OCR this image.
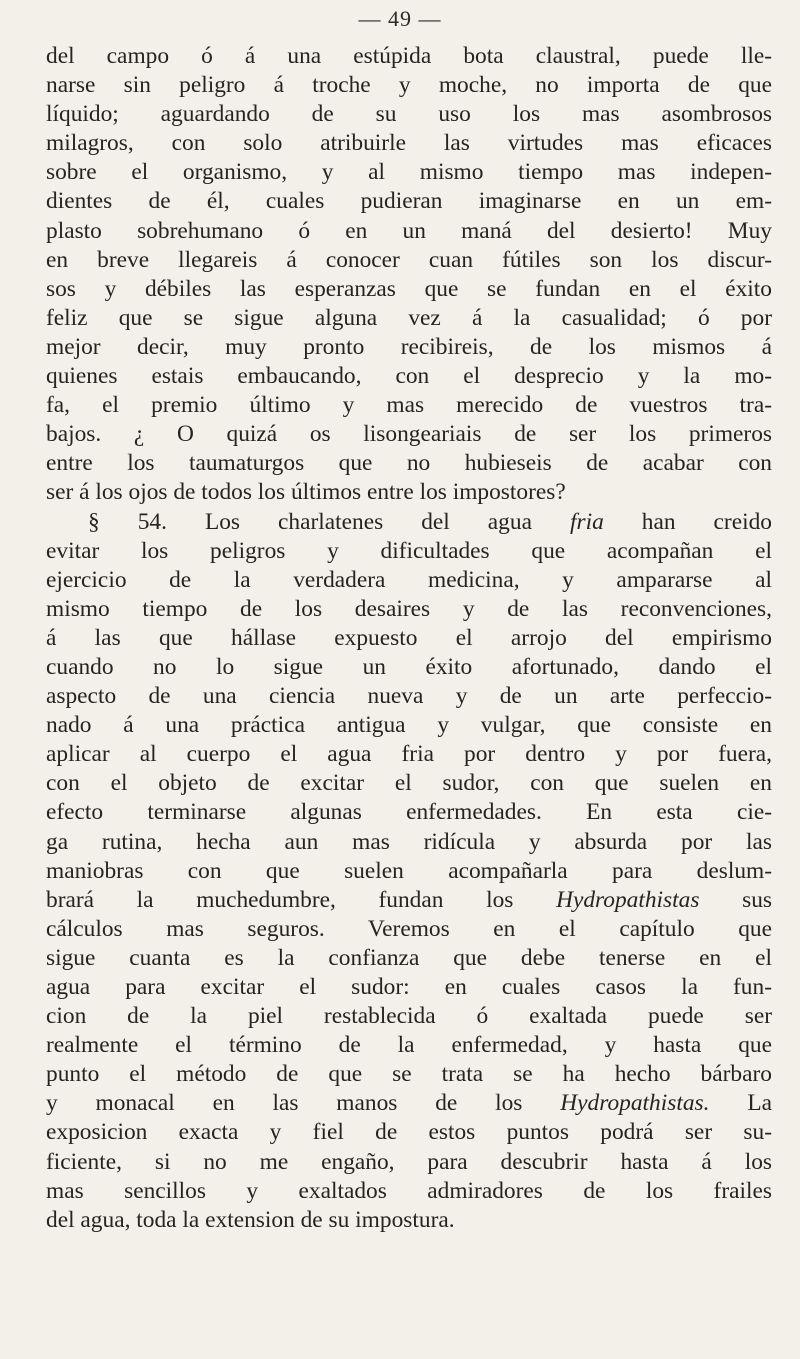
— 49 —
del campo ó á una estúpida bota claustral, puede lle-
narse sin peligro á troche y moche, no importa de que
líquido; aguardando de su uso los mas asombrosos
milagros, con solo atribuirle las virtudes mas eficaces
sobre el organismo, y al mismo tiempo mas indepen-
dientes de él, cuales pudieran imaginarse en un em-
plasto sobrehumano ó en un maná del desierto! Muy
en breve llegareis á conocer cuan fútiles son los discur-
sos y débiles las esperanzas que se fundan en el éxito
feliz que se sigue alguna vez á la casualidad; ó por
mejor decir, muy pronto recibireis, de los mismos á
quienes estais embaucando, con el desprecio y la mo-
fa, el premio último y mas merecido de vuestros tra-
bajos. ¿ O quizá os lisongeariais de ser los primeros
entre los taumaturgos que no hubieseis de acabar con
ser á los ojos de todos los últimos entre los impostores?
§ 54. Los charlatenes del agua fria han creido
evitar los peligros y dificultades que acompañan el
ejercicio de la verdadera medicina, y ampararse al
mismo tiempo de los desaires y de las reconvenciones,
á las que hállase expuesto el arrojo del empirismo
cuando no lo sigue un éxito afortunado, dando el
aspecto de una ciencia nueva y de un arte perfeccio-
nado á una práctica antigua y vulgar, que consiste en
aplicar al cuerpo el agua fria por dentro y por fuera,
con el objeto de excitar el sudor, con que suelen en
efecto terminarse algunas enfermedades. En esta cie-
ga rutina, hecha aun mas ridícula y absurda por las
maniobras con que suelen acompañarla para deslum-
brará la muchedumbre, fundan los Hydropathistas sus
cálculos mas seguros. Veremos en el capítulo que
sigue cuanta es la confianza que debe tenerse en el
agua para excitar el sudor: en cuales casos la fun-
cion de la piel restablecida ó exaltada puede ser
realmente el término de la enfermedad, y hasta que
punto el método de que se trata se ha hecho bárbaro
y monacal en las manos de los Hydropathistas. La
exposicion exacta y fiel de estos puntos podrá ser su-
ficiente, si no me engaño, para descubrir hasta á los
mas sencillos y exaltados admiradores de los frailes
del agua, toda la extension de su impostura.
